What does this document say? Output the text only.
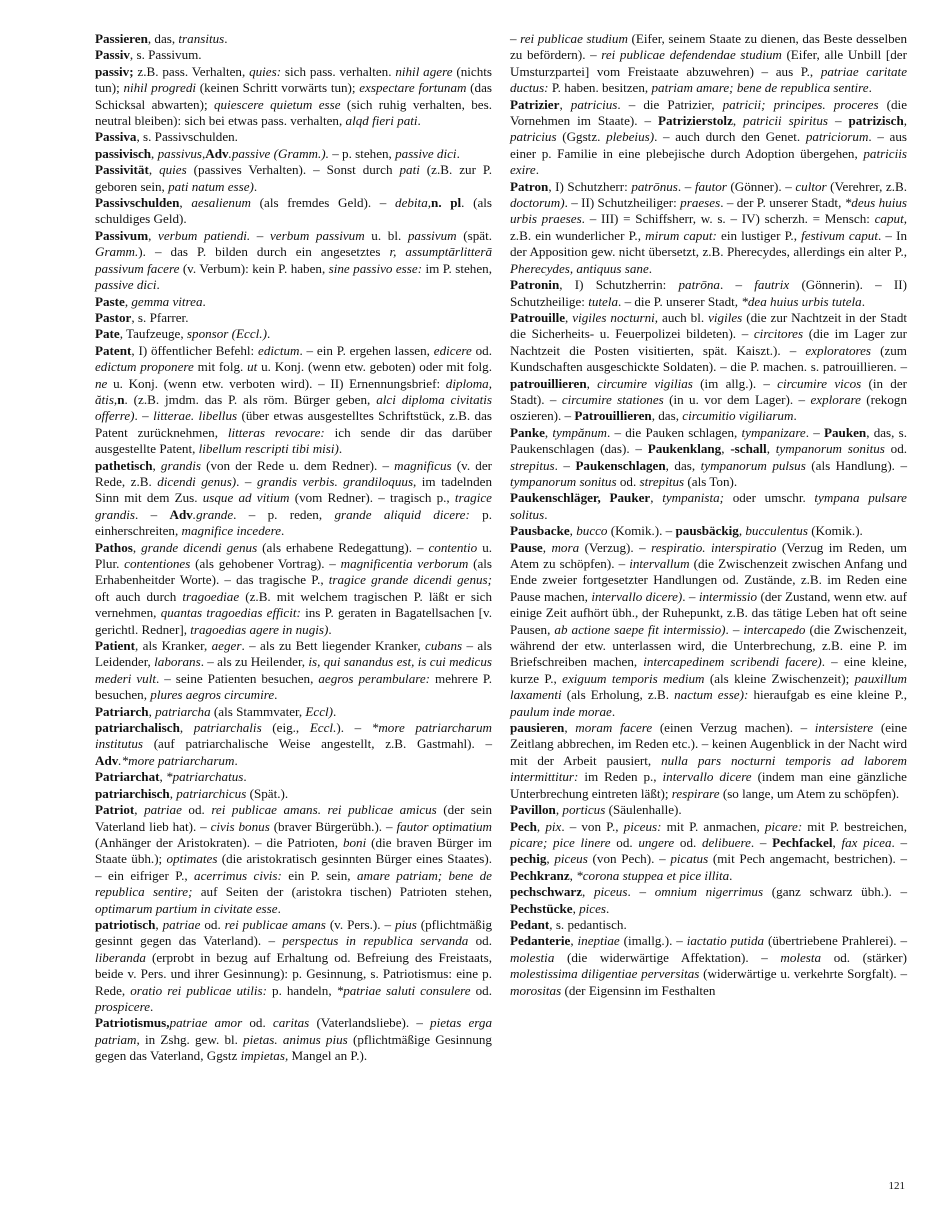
Passieren, das, transitus.

Passiv, s. Passivum.

passiv; z.B. pass. Verhalten, quies: sich pass. verhalten. nihil agere (nichts tun); nihil progredi (keinen Schritt vorwärts tun); exspectare fortunam (das Schicksal abwarten); quiescere quietum esse (sich ruhig verhalten, bes. neutral bleiben): sich bei etwas pass. verhalten, alqd fieri pati.

Passiva, s. Passivschulden.

passivisch, passivus,Adv.passive (Gramm.). – p. stehen, passive dici.

Passivität, quies (passives Verhalten). – Sonst durch pati (z.B. zur P. geboren sein, pati natum esse).

Passivschulden, aesalienum (als fremdes Geld). – debita,n. pl. (als schuldiges Geld).

Passivum, verbum patiendi. – verbum passivum u. bl. passivum (spät. Gramm.). – das P. bilden durch ein angesetztes r, assumptārlitterā passivum facere (v. Verbum): kein P. haben, sine passivo esse: im P. stehen, passive dici.

Paste, gemma vitrea.

Pastor, s. Pfarrer.

Pate, Taufzeuge, sponsor (Eccl.).

Patent, I) öffentlicher Befehl: edictum. – ein P. ergehen lassen, edicere od. edictum proponere mit folg. ut u. Konj. (wenn etw. geboten) oder mit folg. ne u. Konj. (wenn etw. verboten wird). – II) Ernennungsbrief: diploma, ătis,n. (z.B. jmdm. das P. als röm. Bürger geben, alci diploma civitatis offerre). – litterae. libellus (über etwas ausgestelltes Schriftstück, z.B. das Patent zurücknehmen, litteras revocare: ich sende dir das darüber ausgestellte Patent, libellum rescripti tibi misi).

pathetisch, grandis (von der Rede u. dem Redner). – magnificus (v. der Rede, z.B. dicendi genus). – grandis verbis. grandiloquus, im tadelnden Sinn mit dem Zus. usque ad vitium (vom Redner). – tragisch p., tragice grandis. – Adv.grande. – p. reden, grande aliquid dicere: p. einherschreiten, magnifice incedere.

Pathos, grande dicendi genus (als erhabene Redegattung). – contentio u. Plur. contentiones (als gehobener Vortrag). – magnificentia verborum (als Erhabenheitder Worte). – das tragische P., tragice grande dicendi genus; oft auch durch tragoediae (z.B. mit welchem tragischen P. läßt er sich vernehmen, quantas tragoedias efficit: ins P. geraten in Bagatellsachen [v. gerichtl. Redner], tragoedias agere in nugis).

Patient, als Kranker, aeger. – als zu Bett liegender Kranker, cubans – als Leidender, laborans. – als zu Heilender, is, qui sanandus est, is cui medicus mederi vult. – seine Patienten besuchen, aegros perambulare: mehrere P. besuchen, plures aegros circumire.

Patriarch, patriarcha (als Stammvater, Eccl).

patriarchalisch, patriarchalis (eig., Eccl.). – *more patriarcharum institutus (auf patriarchalische Weise angestellt, z.B. Gastmahl). – Adv.*more patriarcharum.

Patriarchat, *patriarchatus.

patriarchisch, patriarchicus (Spät.).

Patriot, patriae od. rei publicae amans. rei publicae amicus (der sein Vaterland lieb hat). – civis bonus (braver Bürgerübh.). – fautor optimatium (Anhänger der Aristokraten). – die Patrioten, boni (die braven Bürger im Staate übh.); optimates (die aristokratisch gesinnten Bürger eines Staates). – ein eifriger P., acerrimus civis: ein P. sein, amare patriam; bene de republica sentire; auf Seiten der (aristokra tischen) Patrioten stehen, optimarum partium in civitate esse.

patriotisch, patriae od. rei publicae amans (v. Pers.). – pius (pflichtmäßig gesinnt gegen das Vaterland). – perspectus in republica servanda od. liberanda (erprobt in bezug auf Erhaltung od. Befreiung des Freistaats, beide v. Pers. und ihrer Gesinnung): p. Gesinnung, s. Patriotismus: eine p. Rede, oratio rei publicae utilis: p. handeln, *patriae saluti consulere od. prospicere.

Patriotismus,patriae amor od. caritas (Vaterlandsliebe). – pietas erga patriam, in Zshg. gew. bl. pietas. animus pius (pflichtmäßige Gesinnung gegen das Vaterland, Ggstz impietas, Mangel an P.).

– rei publicae studium (Eifer, seinem Staate zu dienen, das Beste desselben zu befördern). – rei publicae defendendae studium (Eifer, alle Unbill [der Umsturzpartei] vom Freistaate abzuwehren) – aus P., patriae caritate ductus: P. haben. besitzen, patriam amare; bene de republica sentire.

Patrizier, patricius. – die Patrizier, patricii; principes. proceres (die Vornehmen im Staate). – Patrizierstolz, patricii spiritus – patrizisch, patricius (Ggstz. plebeius). – auch durch den Genet. patriciorum. – aus einer p. Familie in eine plebejische durch Adoption übergehen, patriciis exire.

Patron, I) Schutzherr: patrōnus. – fautor (Gönner). – cultor (Verehrer, z.B. doctorum). – II) Schutzheiliger: praeses. – der P. unserer Stadt, *deus huius urbis praeses. – III) = Schiffsherr, w. s. – IV) scherzh. = Mensch: caput, z.B. ein wunderlicher P., mirum caput: ein lustiger P., festivum caput. – In der Apposition gew. nicht übersetzt, z.B. Pherecydes, allerdings ein alter P., Pherecydes, antiquus sane.

Patronin, I) Schutzherrin: patrōna. – fautrix (Gönnerin). – II) Schutzheilige: tutela. – die P. unserer Stadt, *dea huius urbis tutela.

Patrouille, vigiles nocturni, auch bl. vigiles (die zur Nachtzeit in der Stadt die Sicherheits- u. Feuerpolizei bildeten). – circitores (die im Lager zur Nachtzeit die Posten visitierten, spät. Kaiszt.). – exploratores (zum Kundschaften ausgeschickte Soldaten). – die P. machen. s. patrouillieren. – patrouillieren, circumire vigilias (im allg.). – circumire vicos (in der Stadt). – circumire stationes (in u. vor dem Lager). – explorare (rekogn oszieren). – Patrouillieren, das, circumitio vigiliarum.

Panke, tympănum. – die Pauken schlagen, tympanizare. – Pauken, das, s. Paukenschlagen (das). – Paukenklang, -schall, tympanorum sonitus od. strepitus. – Paukenschlagen, das, tympanorum pulsus (als Handlung). – tympanorum sonitus od. strepitus (als Ton).

Paukenschläger, Pauker, tympanista; oder umschr. tympana pulsare solitus.

Pausbacke, bucco (Komik.). – pausbäckig, bucculentus (Komik.).

Pause, mora (Verzug). – respiratio. interspiratio (Verzug im Reden, um Atem zu schöpfen). – intervallum (die Zwischenzeit zwischen Anfang und Ende zweier fortgesetzter Handlungen od. Zustände, z.B. im Reden eine Pause machen, intervallo dicere). – intermissio (der Zustand, wenn etw. auf einige Zeit aufhört übh., der Ruhepunkt, z.B. das tätige Leben hat oft seine Pausen, ab actione saepe fit intermissio). – intercapedo (die Zwischenzeit, während der etw. unterlassen wird, die Unterbrechung, z.B. eine P. im Briefschreiben machen, intercapedinem scribendi facere). – eine kleine, kurze P., exiguum temporis medium (als kleine Zwischenzeit); pauxillum laxamenti (als Erholung, z.B. nactum esse): hieraufgab es eine kleine P., paulum inde morae.

pausieren, moram facere (einen Verzug machen). – intersistere (eine Zeitlang abbrechen, im Reden etc.). – keinen Augenblick in der Nacht wird mit der Arbeit pausiert, nulla pars nocturni temporis ad laborem intermittitur: im Reden p., intervallo dicere (indem man eine gänzliche Unterbrechung eintreten läßt); respirare (so lange, um Atem zu schöpfen).

Pavillon, porticus (Säulenhalle).

Pech, pix. – von P., piceus: mit P. anmachen, picare: mit P. bestreichen, picare; pice linere od. ungere od. delibuere. – Pechfackel, fax picea. – pechig, piceus (von Pech). – picatus (mit Pech angemacht, bestrichen). – Pechkranz, *corona stuppea et pice illita.

pechschwarz, piceus. – omnium nigerrimus (ganz schwarz übh.). – Pechstücke, pices.

Pedant, s. pedantisch.

Pedanterie, ineptiae (imallg.). – iactatio putida (übertriebene Prahlerei). – molestia (die widerwärtige Affektation). – molesta od. (stärker) molestissima diligentiae perversitas (widerwärtige u. verkehrte Sorgfalt). – morositas (der Eigensinn im Festhalten

121
